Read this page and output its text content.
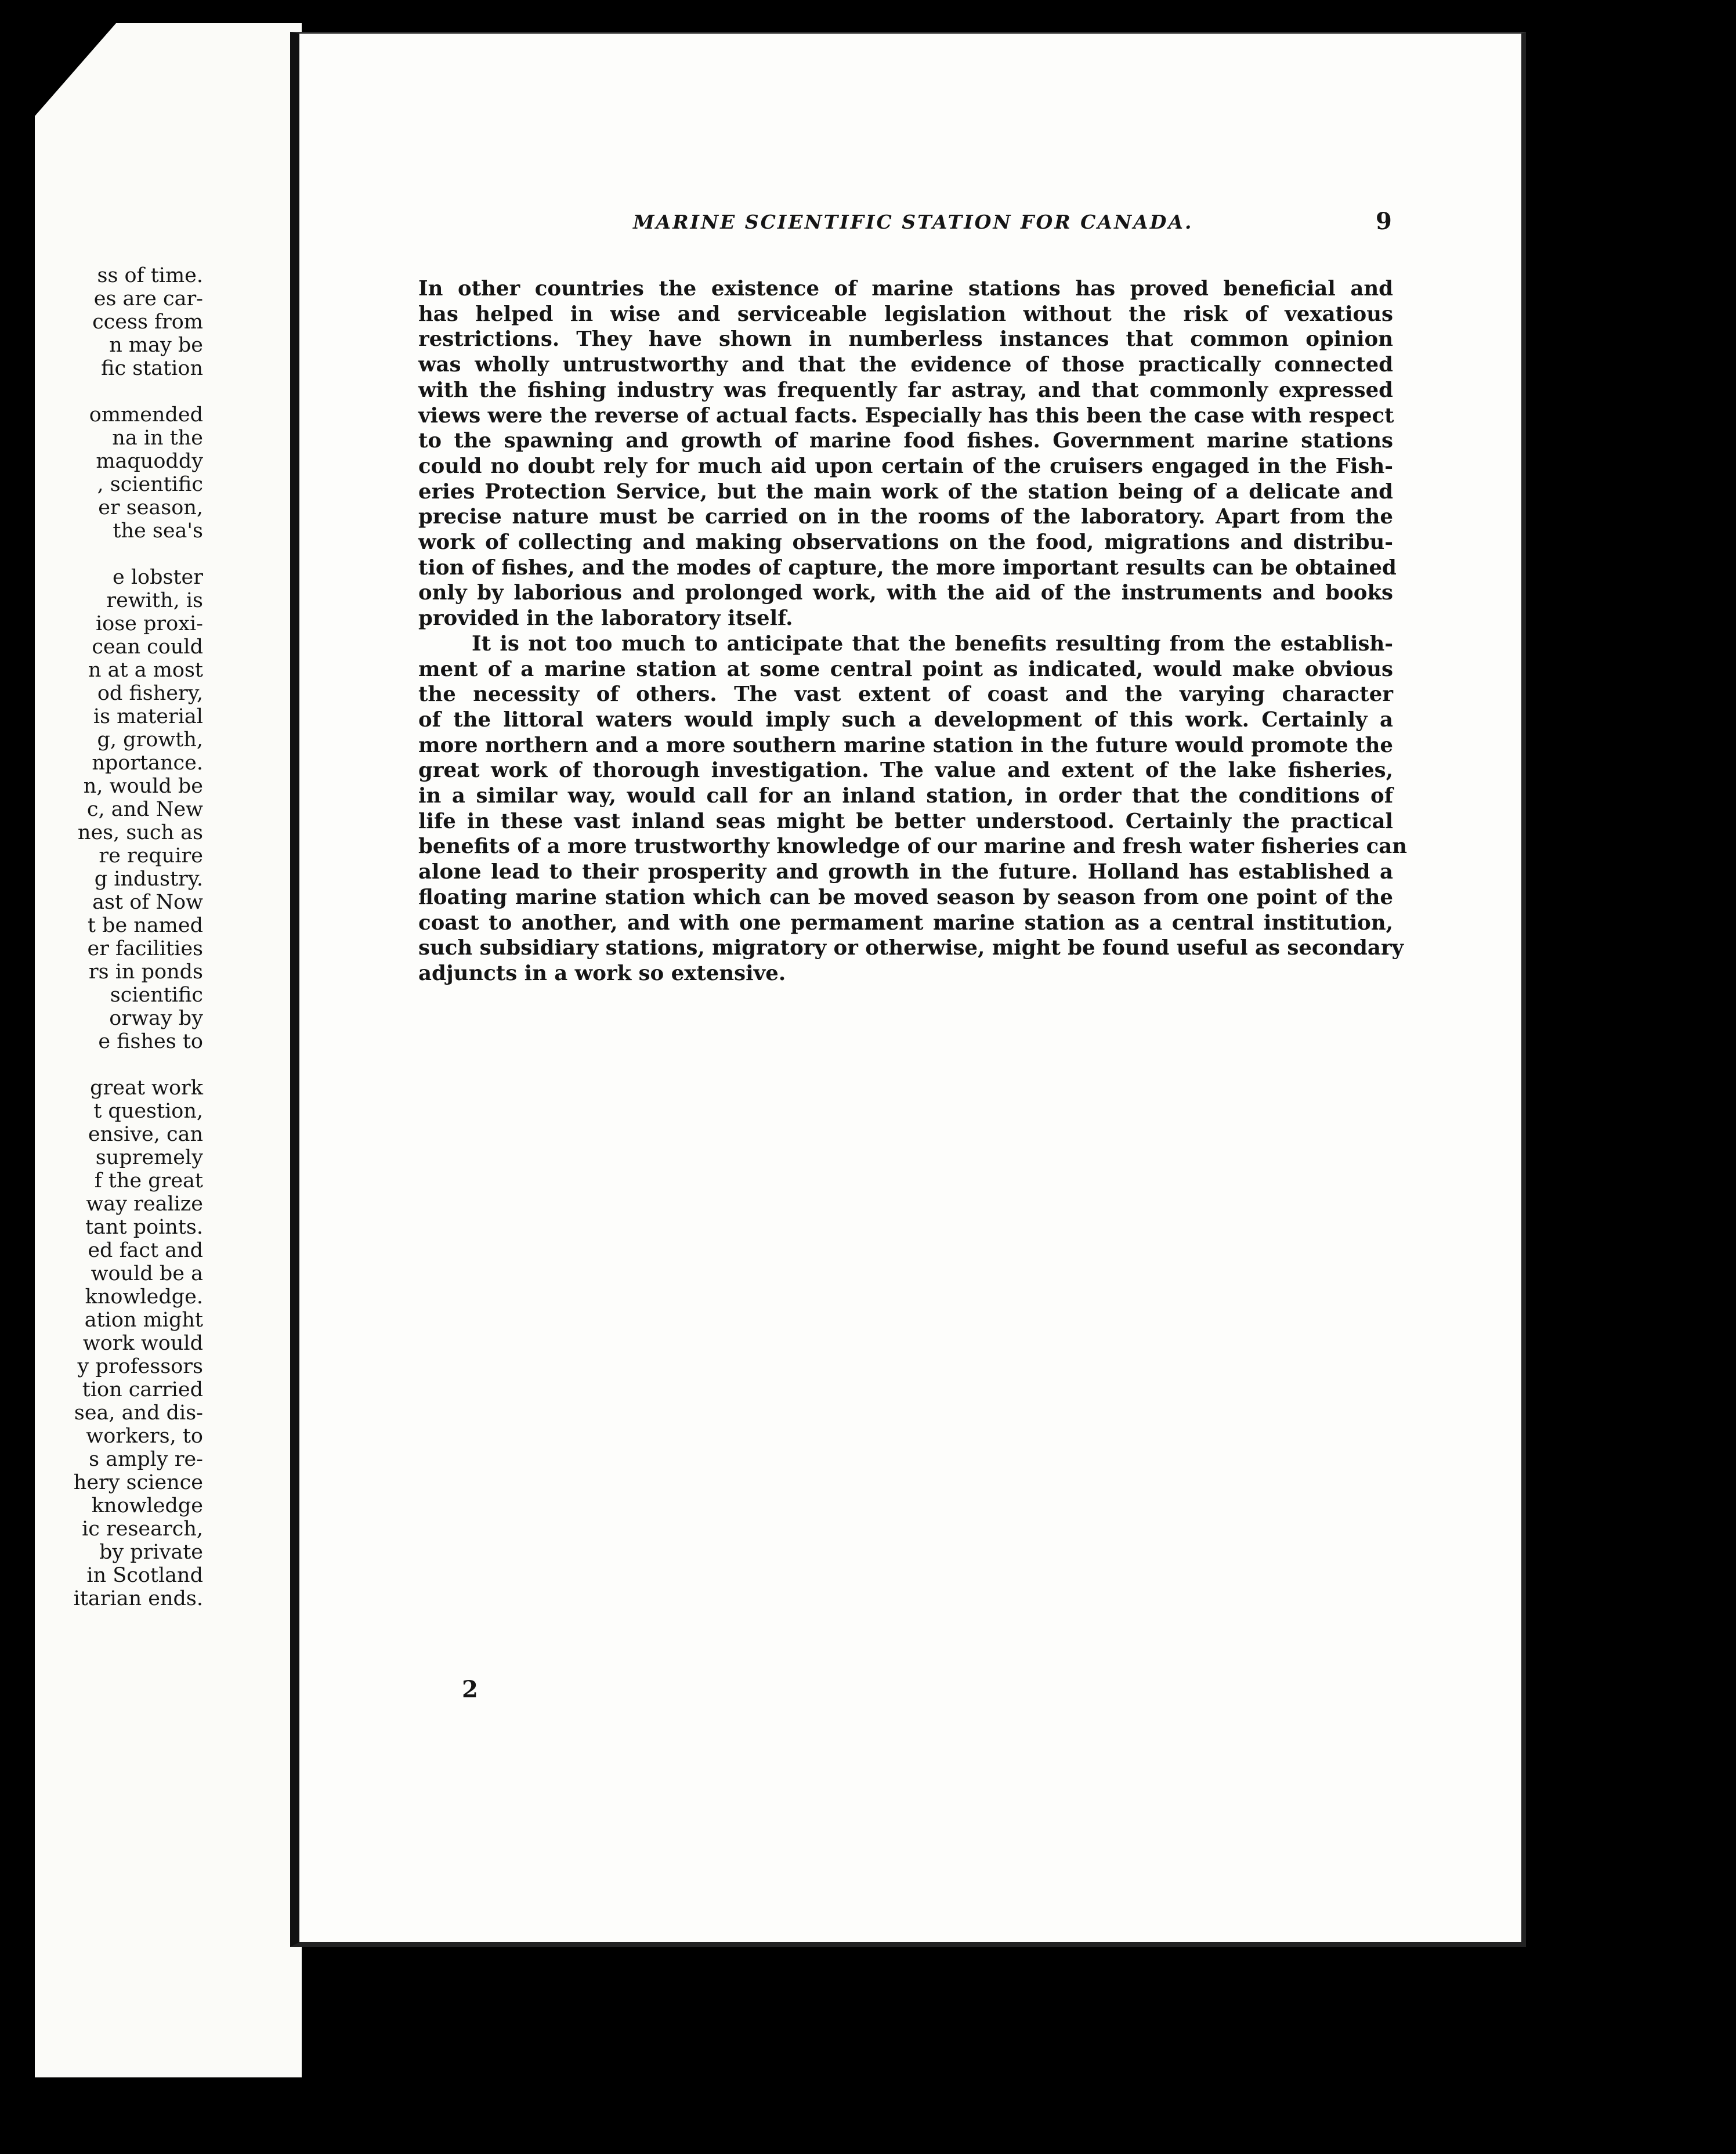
ss of time.
es are car-
ccess from
n may be
fic station
ommended
na in the
maquoddy
, scientific
er season,
the sea's
e lobster
rewith, is
iose proxi-
cean could
n at a most
od fishery,
is material
g, growth,
nportance.
n, would be
c, and New
nes, such as
re require
g industry.
ast of Now
t be named
er facilities
rs in ponds
scientific
orway by
e fishes to
great work
t question,
ensive, can
supremely
f the great
way realize
tant points.
ed fact and
would be a
knowledge.
ation might
work would
y professors
tion carried
sea, and dis-
workers, to
s amply re-
hery science
knowledge
ic research,
by private
in Scotland
itarian ends.
MARINE SCIENTIFIC STATION FOR CANADA.	9
In other countries the existence of marine stations has proved beneficial and
has helped in wise and serviceable legislation without the risk of vexatious
restrictions. They have shown in numberless instances that common opinion
was wholly untrustworthy and that the evidence of those practically connected
with the fishing industry was frequently far astray, and that commonly expressed
views were the reverse of actual facts. Especially has this been the case with respect
to the spawning and growth of marine food fishes. Government marine stations
could no doubt rely for much aid upon certain of the cruisers engaged in the Fish-
eries Protection Service, but the main work of the station being of a delicate and
precise nature must be carried on in the rooms of the laboratory. Apart from the
work of collecting and making observations on the food, migrations and distribu-
tion of fishes, and the modes of capture, the more important results can be obtained
only by laborious and prolonged work, with the aid of the instruments and books
provided in the laboratory itself.
It is not too much to anticipate that the benefits resulting from the establish-
ment of a marine station at some central point as indicated, would make obvious
the necessity of others. The vast extent of coast and the varying character
of the littoral waters would imply such a development of this work. Certainly a
more northern and a more southern marine station in the future would promote the
great work of thorough investigation. The value and extent of the lake fisheries,
in a similar way, would call for an inland station, in order that the conditions of
life in these vast inland seas might be better understood. Certainly the practical
benefits of a more trustworthy knowledge of our marine and fresh water fisheries can
alone lead to their prosperity and growth in the future. Holland has established a
floating marine station which can be moved season by season from one point of the
coast to another, and with one permament marine station as a central institution,
such subsidiary stations, migratory or otherwise, might be found useful as secondary
adjuncts in a work so extensive.
2
